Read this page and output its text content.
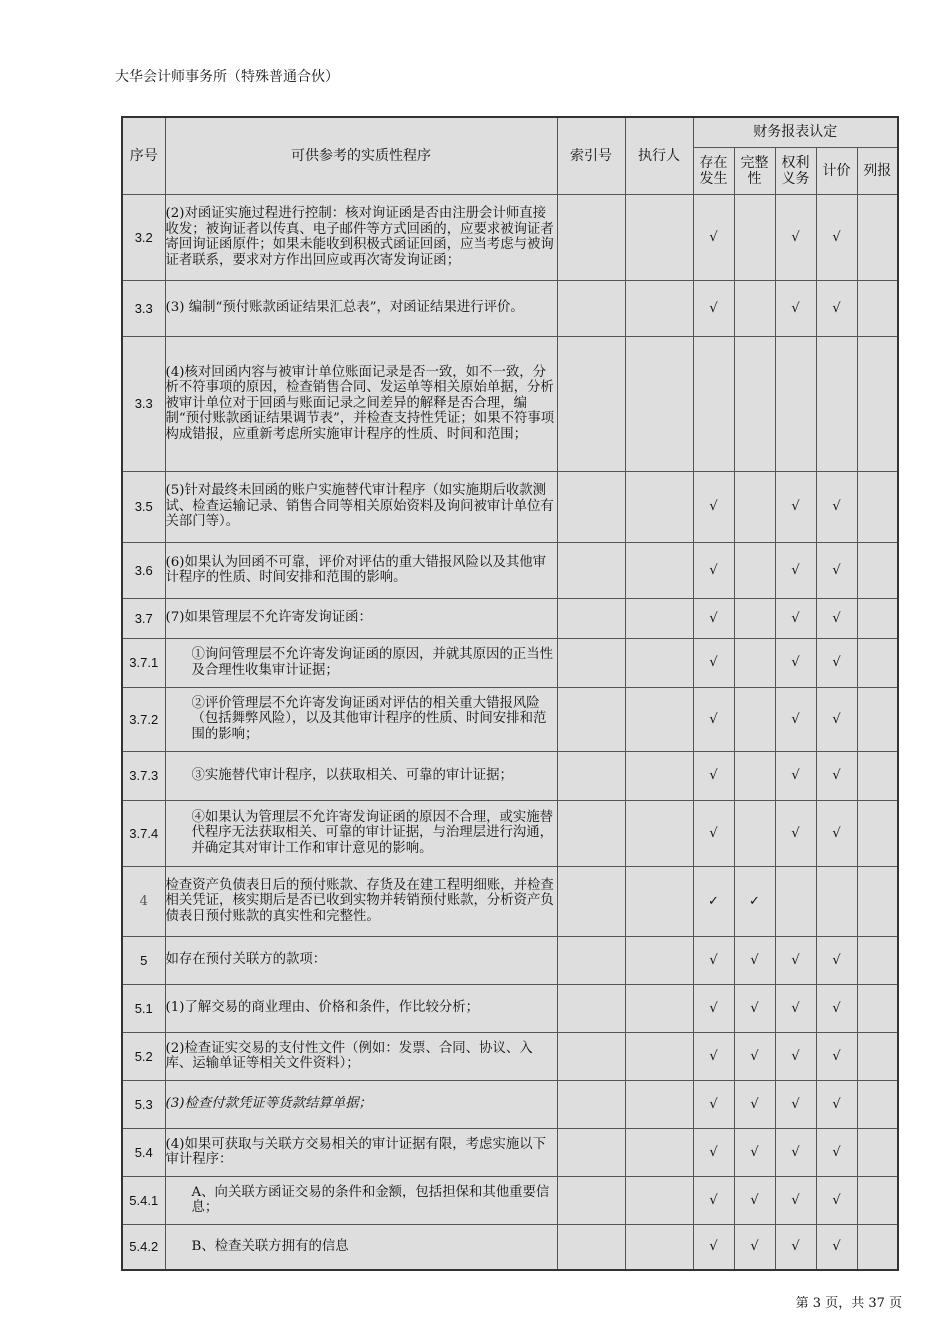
大华会计师事务所（特殊普通合伙）
序号	可供参考的实质性程序	索引号	执行人	财务报表认定				
				存在发生	完整性	权利义务	计价	列报
3.2	(2)对函证实施过程进行控制：核对询证函是否由注册会计师直接收发；被询证者以传真、电子邮件等方式回函的，应要求被询证者寄回询证函原件；如果未能收到积极式函证回函，应当考虑与被询证者联系，要求对方作出回应或再次寄发询证函；			√		√	√	
3.3	(3) 编制“预付账款函证结果汇总表”，对函证结果进行评价。			√		√	√	
3.3	(4)核对回函内容与被审计单位账面记录是否一致，如不一致，分析不符事项的原因，检查销售合同、发运单等相关原始单据，分析被审计单位对于回函与账面记录之间差异的解释是否合理，编制“预付账款函证结果调节表”，并检查支持性凭证；如果不符事项构成错报，应重新考虑所实施审计程序的性质、时间和范围；							
3.5	(5)针对最终未回函的账户实施替代审计程序（如实施期后收款测试、检查运输记录、销售合同等相关原始资料及询问被审计单位有关部门等）。			√		√	√	
3.6	(6)如果认为回函不可靠，评价对评估的重大错报风险以及其他审计程序的性质、时间安排和范围的影响。			√		√	√	
3.7	(7)如果管理层不允许寄发询证函：			√		√	√	
3.7.1	①询问管理层不允许寄发询证函的原因，并就其原因的正当性及合理性收集审计证据；			√		√	√	
3.7.2	②评价管理层不允许寄发询证函对评估的相关重大错报风险（包括舞弊风险），以及其他审计程序的性质、时间安排和范围的影响；			√		√	√	
3.7.3	③实施替代审计程序，以获取相关、可靠的审计证据；			√		√	√	
3.7.4	④如果认为管理层不允许寄发询证函的原因不合理，或实施替代程序无法获取相关、可靠的审计证据，与治理层进行沟通，并确定其对审计工作和审计意见的影响。			√		√	√	
4	检查资产负债表日后的预付账款、存货及在建工程明细账，并检查相关凭证，核实期后是否已收到实物并转销预付账款，分析资产负债表日预付账款的真实性和完整性。			✓	✓			
5	如存在预付关联方的款项：			√	√	√	√	
5.1	(1)了解交易的商业理由、价格和条件，作比较分析；			√	√	√	√	
5.2	(2)检查证实交易的支付性文件（例如：发票、合同、协议、入库、运输单证等相关文件资料）；			√	√	√	√	
5.3	(3)检查付款凭证等货款结算单据；			√	√	√	√	
5.4	(4)如果可获取与关联方交易相关的审计证据有限，考虑实施以下审计程序：			√	√	√	√	
5.4.1	A、向关联方函证交易的条件和金额，包括担保和其他重要信息；			√	√	√	√	
5.4.2	B、检查关联方拥有的信息			√	√	√	√	
第 3 页，共 37 页
